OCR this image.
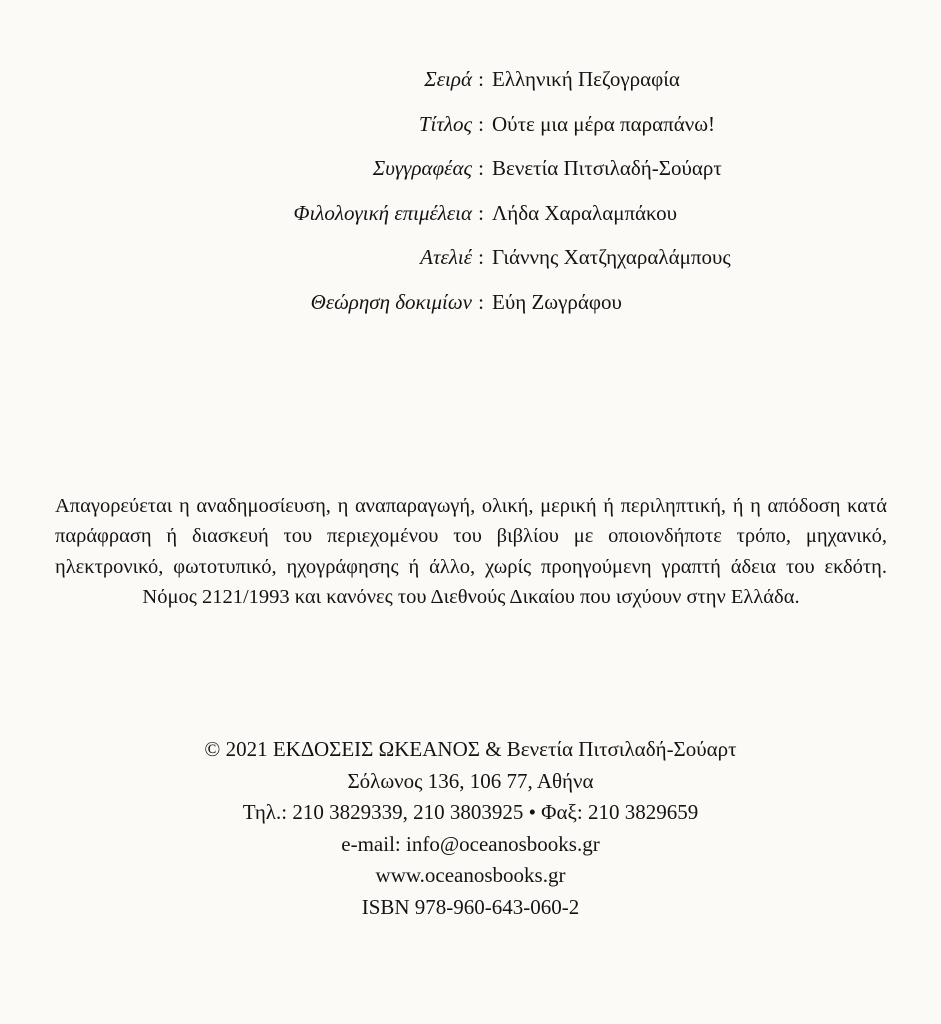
Σειρά : Ελληνική Πεζογραφία
Τίτλος : Ούτε μια μέρα παραπάνω!
Συγγραφέας : Βενετία Πιτσιλαδή-Σούαρτ
Φιλολογική επιμέλεια : Λήδα Χαραλαμπάκου
Ατελιέ : Γιάννης Χατζηχαραλάμπους
Θεώρηση δοκιμίων : Εύη Ζωγράφου

Απαγορεύεται η αναδημοσίευση, η αναπαραγωγή, ολική, μερική ή περιληπτική, ή η απόδοση κατά παράφραση ή διασκευή του περιεχομένου του βιβλίου με οποιονδήποτε τρόπο, μηχανικό, ηλεκτρονικό, φωτοτυπικό, ηχογράφησης ή άλλο, χωρίς προηγούμενη γραπτή άδεια του εκδότη. Νόμος 2121/1993 και κανόνες του Διεθνούς Δικαίου που ισχύουν στην Ελλάδα.

© 2021 ΕΚΔΟΣΕΙΣ ΩΚΕΑΝΟΣ & Βενετία Πιτσιλαδή-Σούαρτ
Σόλωνος 136, 106 77, Αθήνα
Τηλ.: 210 3829339, 210 3803925 • Φαξ: 210 3829659
e-mail: info@oceanosbooks.gr
www.oceanosbooks.gr
ISBN 978-960-643-060-2
